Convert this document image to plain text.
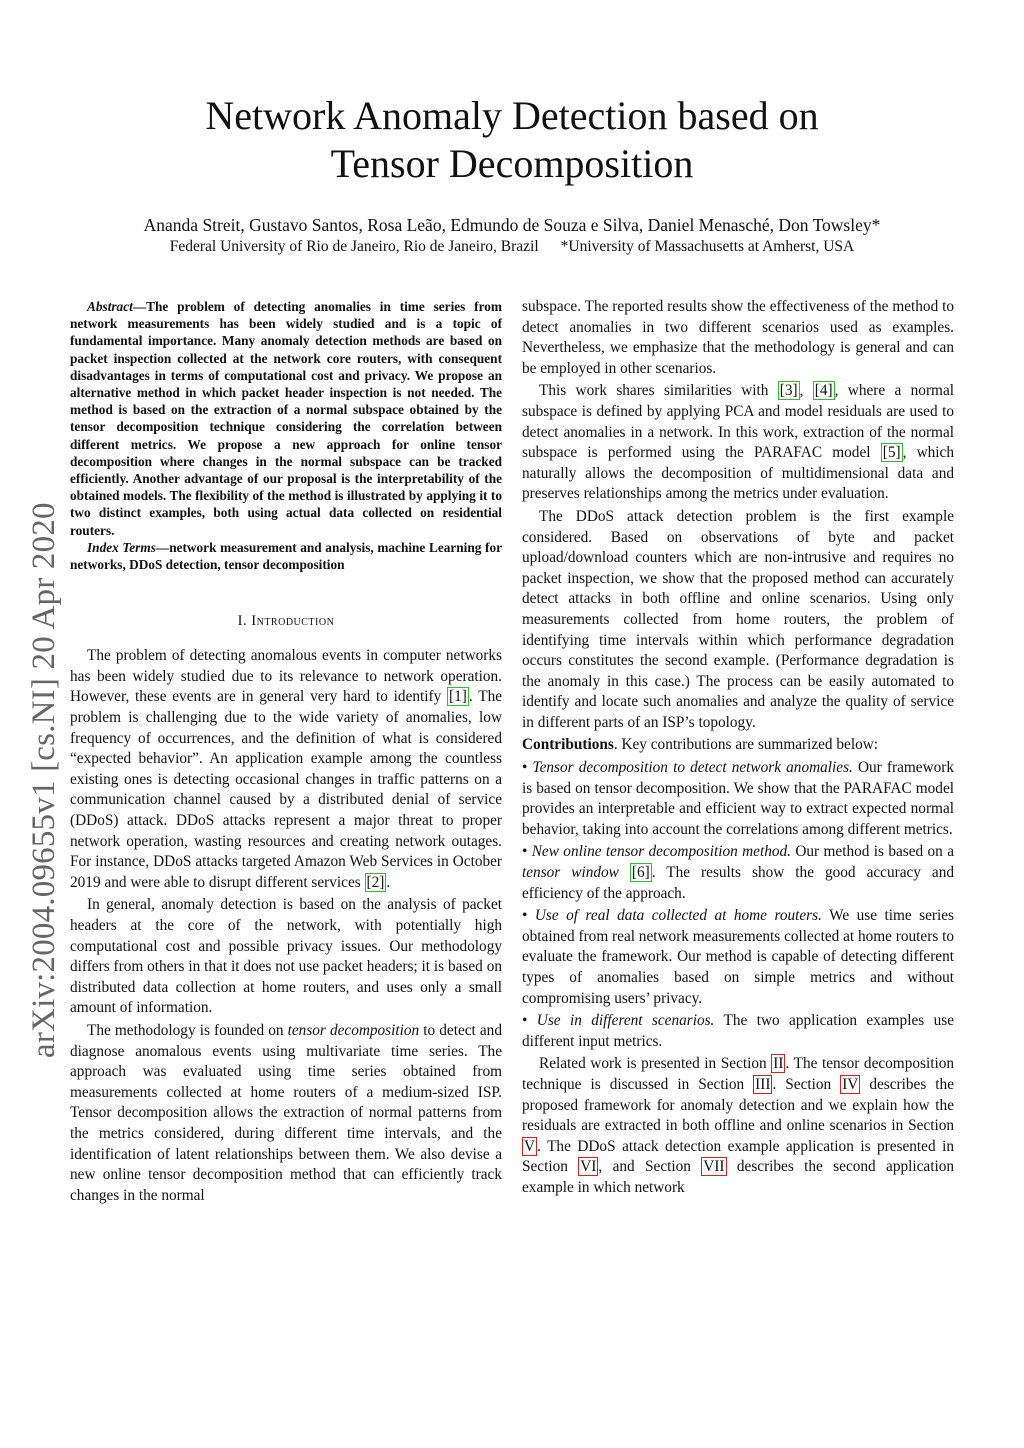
Network Anomaly Detection based on
Tensor Decomposition
Ananda Streit, Gustavo Santos, Rosa Leão, Edmundo de Souza e Silva, Daniel Menasché, Don Towsley*
Federal University of Rio de Janeiro, Rio de Janeiro, Brazil *University of Massachusetts at Amherst, USA
arXiv:2004.09655v1 [cs.NI] 20 Apr 2020

Abstract—The problem of detecting anomalies in time series from network measurements has been widely studied and is a topic of fundamental importance. Many anomaly detection methods are based on packet inspection collected at the network core routers, with consequent disadvantages in terms of computational cost and privacy. We propose an alternative method in which packet header inspection is not needed. The method is based on the extraction of a normal subspace obtained by the tensor decomposition technique considering the correlation between different metrics. We propose a new approach for online tensor decomposition where changes in the normal subspace can be tracked efficiently. Another advantage of our proposal is the interpretability of the obtained models. The flexibility of the method is illustrated by applying it to two distinct examples, both using actual data collected on residential routers.

Index Terms—network measurement and analysis, machine Learning for networks, DDoS detection, tensor decomposition

I. Introduction

The problem of detecting anomalous events in computer networks has been widely studied due to its relevance to network operation. However, these events are in general very hard to identify [1] . The problem is challenging due to the wide variety of anomalies, low frequency of occurrences, and the definition of what is considered “expected behavior”. An application example among the countless existing ones is detecting occasional changes in traffic patterns on a communication channel caused by a distributed denial of service (DDoS) attack. DDoS attacks represent a major threat to proper network operation, wasting resources and creating network outages. For instance, DDoS attacks targeted Amazon Web Services in October 2019 and were able to disrupt different services [2] .

In general, anomaly detection is based on the analysis of packet headers at the core of the network, with potentially high computational cost and possible privacy issues. Our methodology differs from others in that it does not use packet headers; it is based on distributed data collection at home routers, and uses only a small amount of information.

The methodology is founded on tensor decomposition to detect and diagnose anomalous events using multivariate time series. The approach was evaluated using time series obtained from measurements collected at home routers of a medium-sized ISP. Tensor decomposition allows the extraction of normal patterns from the metrics considered, during different time intervals, and the identification of latent relationships between them. We also devise a new online tensor decomposition method that can efficiently track changes in the normal

subspace. The reported results show the effectiveness of the method to detect anomalies in two different scenarios used as examples. Nevertheless, we emphasize that the methodology is general and can be employed in other scenarios.

This work shares similarities with [3] , [4] , where a normal subspace is defined by applying PCA and model residuals are used to detect anomalies in a network. In this work, extraction of the normal subspace is performed using the PARAFAC model [5] , which naturally allows the decomposition of multidimensional data and preserves relationships among the metrics under evaluation.

The DDoS attack detection problem is the first example considered. Based on observations of byte and packet upload/download counters which are non-intrusive and requires no packet inspection, we show that the proposed method can accurately detect attacks in both offline and online scenarios. Using only measurements collected from home routers, the problem of identifying time intervals within which performance degradation occurs constitutes the second example. (Performance degradation is the anomaly in this case.) The process can be easily automated to identify and locate such anomalies and analyze the quality of service in different parts of an ISP’s topology.

Contributions. Key contributions are summarized below:

• Tensor decomposition to detect network anomalies. Our framework is based on tensor decomposition. We show that the PARAFAC model provides an interpretable and efficient way to extract expected normal behavior, taking into account the correlations among different metrics.

• New online tensor decomposition method. Our method is based on a tensor window [6] . The results show the good accuracy and efficiency of the approach.

• Use of real data collected at home routers. We use time series obtained from real network measurements collected at home routers to evaluate the framework. Our method is capable of detecting different types of anomalies based on simple metrics and without compromising users’ privacy.

• Use in different scenarios. The two application examples use different input metrics.

Related work is presented in Section II . The tensor decomposition technique is discussed in Section III . Section IV describes the proposed framework for anomaly detection and we explain how the residuals are extracted in both offline and online scenarios in Section V . The DDoS attack detection example application is presented in Section VI , and Section VII describes the second application example in which network
